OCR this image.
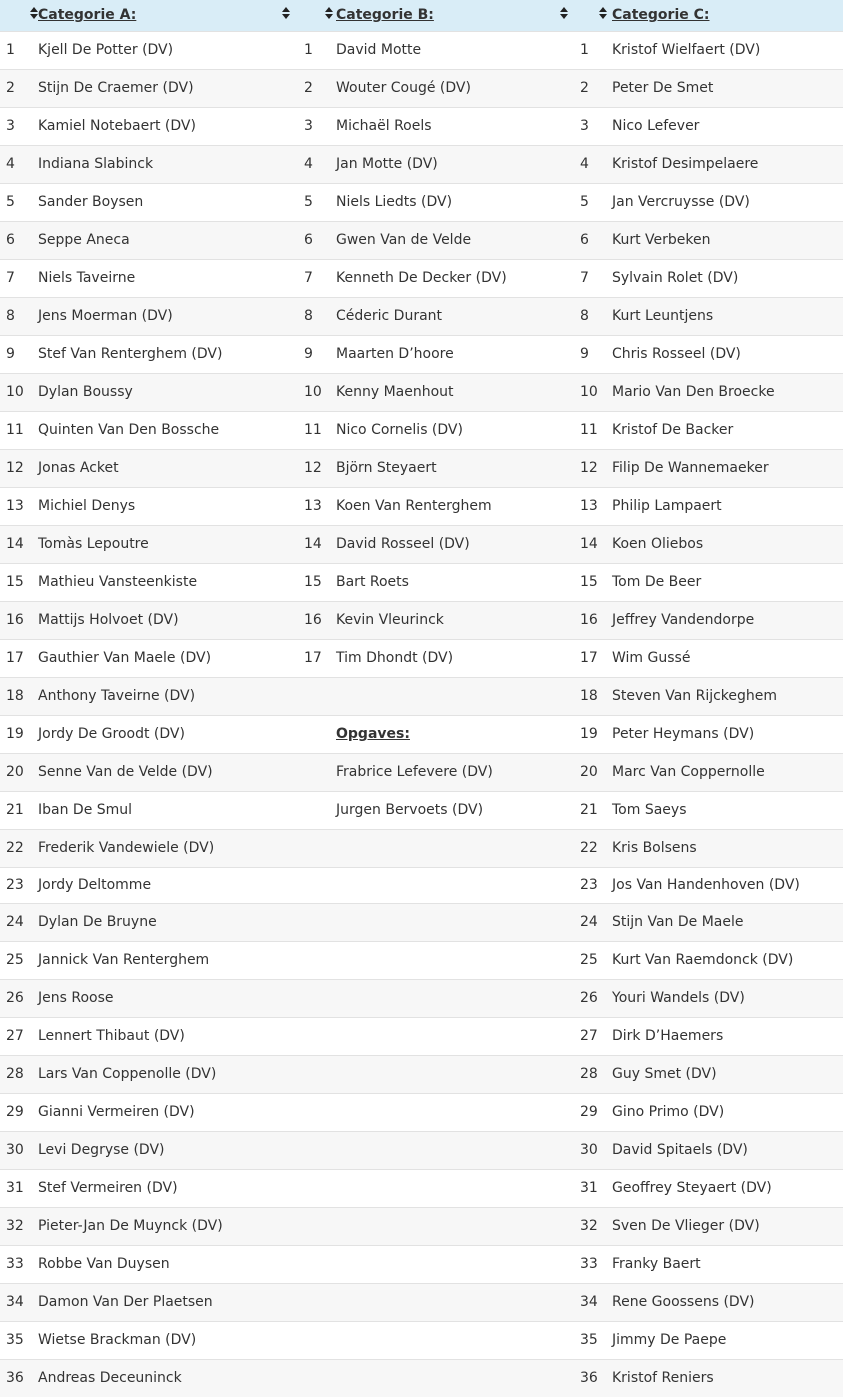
	Categorie A:		Categorie B:		Categorie C:
1	Kjell De Potter (DV)	1	David Motte	1	Kristof Wielfaert (DV)
2	Stijn De Craemer (DV)	2	Wouter Cougé (DV)	2	Peter De Smet
3	Kamiel Notebaert (DV)	3	Michaël Roels	3	Nico Lefever
4	Indiana Slabinck	4	Jan Motte (DV)	4	Kristof Desimpelaere
5	Sander Boysen	5	Niels Liedts (DV)	5	Jan Vercruysse (DV)
6	Seppe Aneca	6	Gwen Van de Velde	6	Kurt Verbeken
7	Niels Taveirne	7	Kenneth De Decker (DV)	7	Sylvain Rolet (DV)
8	Jens Moerman (DV)	8	Céderic Durant	8	Kurt Leuntjens
9	Stef Van Renterghem (DV)	9	Maarten D’hoore	9	Chris Rosseel (DV)
10	Dylan Boussy	10	Kenny Maenhout	10	Mario Van Den Broecke
11	Quinten Van Den Bossche	11	Nico Cornelis (DV)	11	Kristof De Backer
12	Jonas Acket	12	Björn Steyaert	12	Filip De Wannemaeker
13	Michiel Denys	13	Koen Van Renterghem	13	Philip Lampaert
14	Tomàs Lepoutre	14	David Rosseel (DV)	14	Koen Oliebos
15	Mathieu Vansteenkiste	15	Bart Roets	15	Tom De Beer
16	Mattijs Holvoet (DV)	16	Kevin Vleurinck	16	Jeffrey Vandendorpe
17	Gauthier Van Maele (DV)	17	Tim Dhondt (DV)	17	Wim Gussé
18	Anthony Taveirne (DV)			18	Steven Van Rijckeghem
19	Jordy De Groodt (DV)		Opgaves:	19	Peter Heymans (DV)
20	Senne Van de Velde (DV)		Frabrice Lefevere (DV)	20	Marc Van Coppernolle
21	Iban De Smul		Jurgen Bervoets (DV)	21	Tom Saeys
22	Frederik Vandewiele (DV)			22	Kris Bolsens
23	Jordy Deltomme			23	Jos Van Handenhoven (DV)
24	Dylan De Bruyne			24	Stijn Van De Maele
25	Jannick Van Renterghem			25	Kurt Van Raemdonck (DV)
26	Jens Roose			26	Youri Wandels (DV)
27	Lennert Thibaut (DV)			27	Dirk D’Haemers
28	Lars Van Coppenolle (DV)			28	Guy Smet (DV)
29	Gianni Vermeiren (DV)			29	Gino Primo (DV)
30	Levi Degryse (DV)			30	David Spitaels (DV)
31	Stef Vermeiren (DV)			31	Geoffrey Steyaert (DV)
32	Pieter-Jan De Muynck (DV)			32	Sven De Vlieger (DV)
33	Robbe Van Duysen			33	Franky Baert
34	Damon Van Der Plaetsen			34	Rene Goossens (DV)
35	Wietse Brackman (DV)			35	Jimmy De Paepe
36	Andreas Deceuninck			36	Kristof Reniers
